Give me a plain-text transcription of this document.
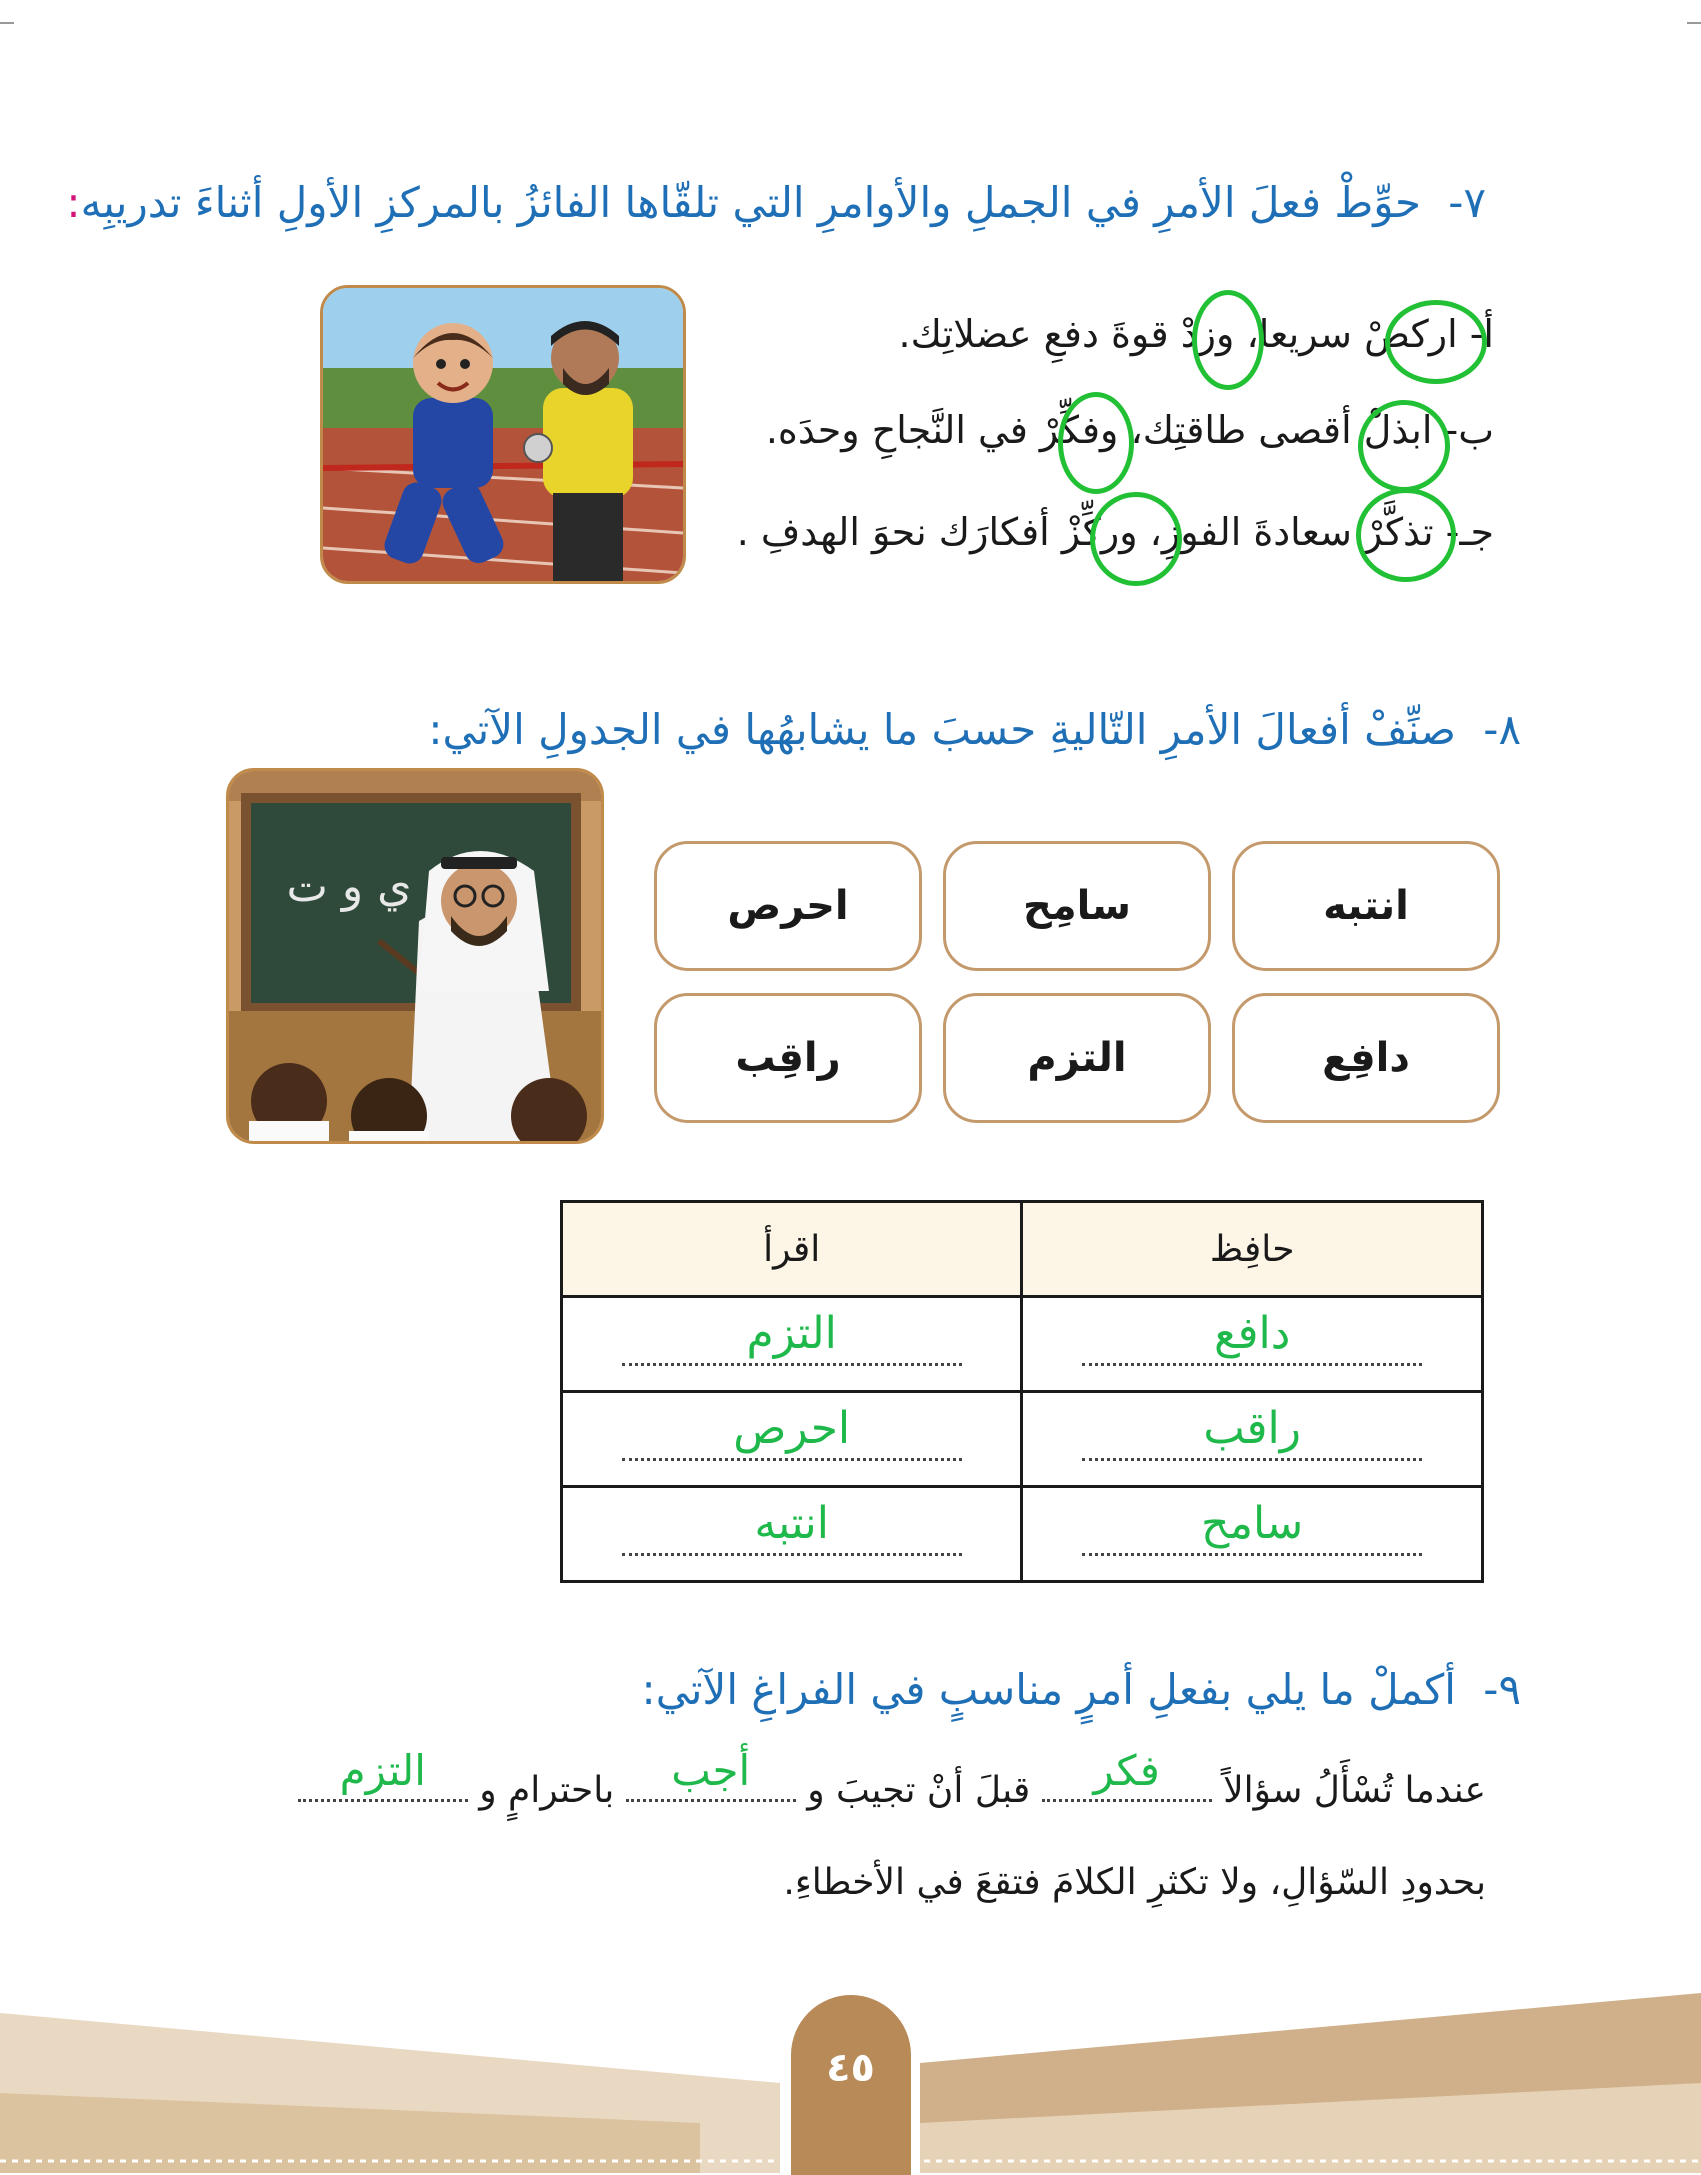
٧- حوِّطْ فعلَ الأمرِ في الجملِ والأوامرِ التي تلقّاها الفائزُ بالمركزِ الأولِ أثناءَ تدريبِه:
أ- اركضْ سريعا، وزدْ قوةَ دفعِ عضلاتِك.
ب- ابذلْ أقصى طاقتِك، وفكِّرْ في النَّجاحِ وحدَه.
جـ- تذكَّرْ سعادةَ الفوزِ، وركِّزْ أفكارَك نحوَ الهدفِ .
٨- صنِّفْ أفعالَ الأمرِ التّاليةِ حسبَ ما يشابهُها في الجدولِ الآتي:
ي و ت	انتبه
سامِح
احرص
دافِع
التزم
راقِب
حافِظ	اقرأ

دافع	التزم

راقب	احرص

سامح	انتبه
٩- أكملْ ما يلي بفعلِ أمرٍ مناسبٍ في الفراغِ الآتي:
عندما تُسْأَلُ سؤالاً
فكر
قبلَ أنْ تجيبَ و
أجب
باحترامٍ و
التزم
بحدودِ السّؤالِ، ولا تكثرِ الكلامَ فتقعَ في الأخطاءِ.
٤٥
